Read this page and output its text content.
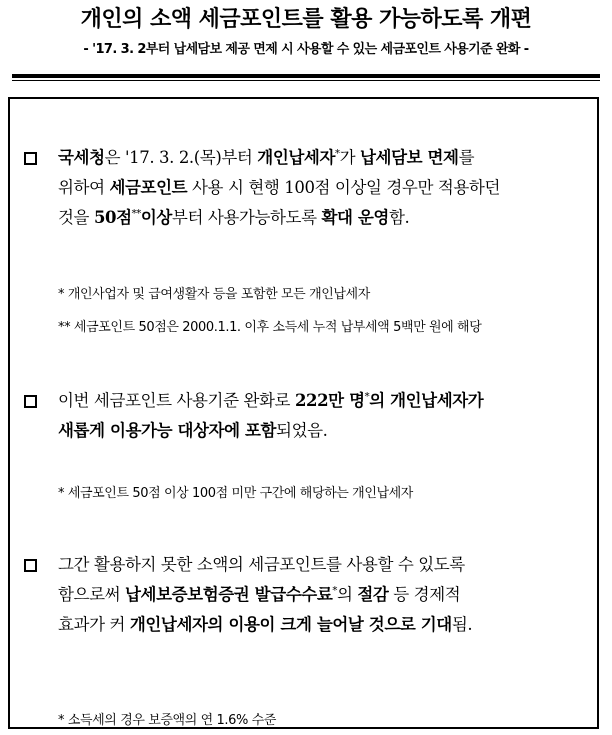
개인의 소액 세금포인트를 활용 가능하도록 개편
- '17. 3. 2부터 납세담보 제공 면제 시 사용할 수 있는 세금포인트 사용기준 완화 -
국세청은 '17. 3. 2.(목)부터 개인납세자*가 납세담보 면제를
위하여 세금포인트 사용 시 현행 100점 이상일 경우만 적용하던
것을 50점**이상부터 사용가능하도록 확대 운영함.
* 개인사업자 및 급여생활자 등을 포함한 모든 개인납세자
** 세금포인트 50점은 2000.1.1. 이후 소득세 누적 납부세액 5백만 원에 해당
이번 세금포인트 사용기준 완화로 222만 명*의 개인납세자가
새롭게 이용가능 대상자에 포함되었음.
* 세금포인트 50점 이상 100점 미만 구간에 해당하는 개인납세자
그간 활용하지 못한 소액의 세금포인트를 사용할 수 있도록
함으로써 납세보증보험증권 발급수수료*의 절감 등 경제적
효과가 커 개인납세자의 이용이 크게 늘어날 것으로 기대됨.
* 소득세의 경우 보증액의 연 1.6% 수준
